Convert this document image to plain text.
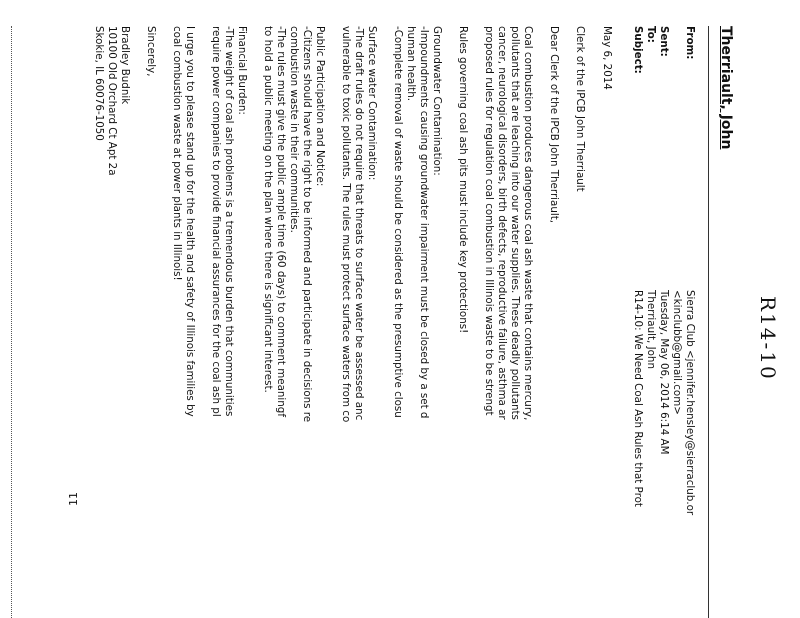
R14-10
Therriault, John
From:
Sierra Club <jennifer.hensley@sierraclub.or
<kinclubb@gmail.com>
Sent:
Tuesday, May 06, 2014 6:14 AM
To:
Therriault, John
Subject:
R14-10: We Need Coal Ash Rules that Prot
May 6, 2014
Clerk of the IPCB John Therriault
Dear Clerk of the IPCB John Therriault,
Coal combustion produces dangerous coal ash waste that contains mercury,
pollutants that are leaching into our water supplies. These deadly pollutants
cancer, neurological disorders, birth defects, reproductive failure, asthma ar
proposed rules for regulation coal combustion in Illinois waste to be strengt
Rules governing coal ash pits must include key protections!
Groundwater Contamination:
-Impoundments causing groundwater impairment must be closed by a set d
human health.
-Complete removal of waste should be considered as the presumptive closu
Surface water Contamination:
-The draft rules do not require that threats to surface water be assessed anc
vulnerable to toxic pollutants. The rules must protect surface waters from co
Public Participation and Notice:
-Citizens should have the right to be informed and participate in decisions re
combustion waste in their communities.
-The rules must give the public ample time (60 days) to comment meaningf
to hold a public meeting on the plan where there is significant interest.
Financial Burden:
-The weight of coal ash problems is a tremendous burden that communities
require power companies to provide financial assurances for the coal ash pl
I urge you to please stand up for the health and safety of Illinois families by
coal combustion waste at power plants in Illinois!
Sincerely,
Bradley Budnik
10100 Old Orchard Ct Apt 2a
Skokie, IL 60076-1050
11
